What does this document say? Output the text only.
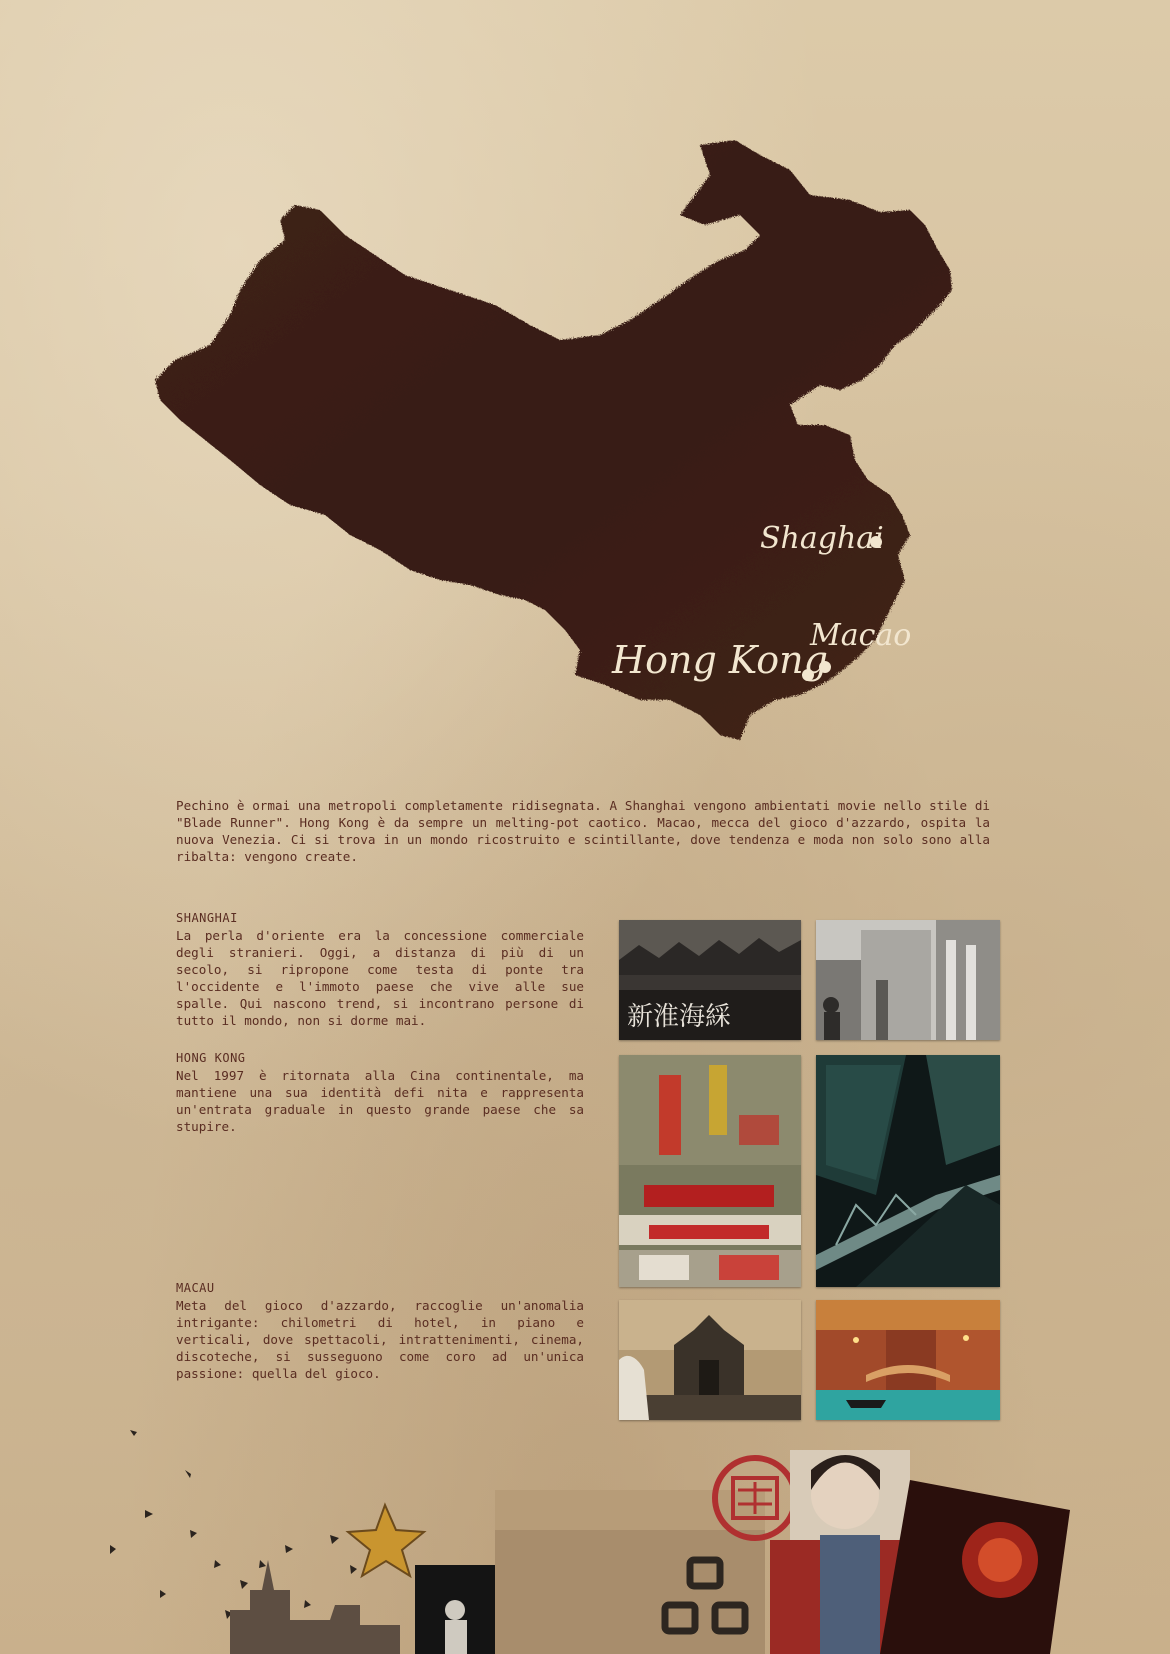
Shaghai
Hong Kong
Macao

Pechino è ormai una metropoli completamente ridisegnata. A Shanghai vengono ambientati movie nello stile di "Blade Runner". Hong Kong è da sempre un melting-pot caotico. Macao, mecca del gioco d'azzardo, ospita la nuova Venezia. Ci si trova in un mondo ricostruito e scintillante, dove tendenza e moda non solo sono alla ribalta: vengono create.

SHANGHAI

La perla d'oriente era la concessione commerciale degli stranieri. Oggi, a distanza di più di un secolo, si ripropone come testa di ponte tra l'occidente e l'immoto paese che vive alle sue spalle. Qui nascono trend, si incontrano persone di tutto il mondo, non si dorme mai.

HONG KONG

Nel 1997 è ritornata alla Cina continentale, ma mantiene una sua identità defi nita e rappresenta un'entrata graduale in questo grande paese che sa stupire.

MACAU

Meta del gioco d'azzardo, raccoglie un'anomalia intrigante: chilometri di hotel, in piano e verticali, dove spettacoli, intrattenimenti, cinema, discoteche, si susseguono come coro ad un'unica passione: quella del gioco.

新淮海綵
